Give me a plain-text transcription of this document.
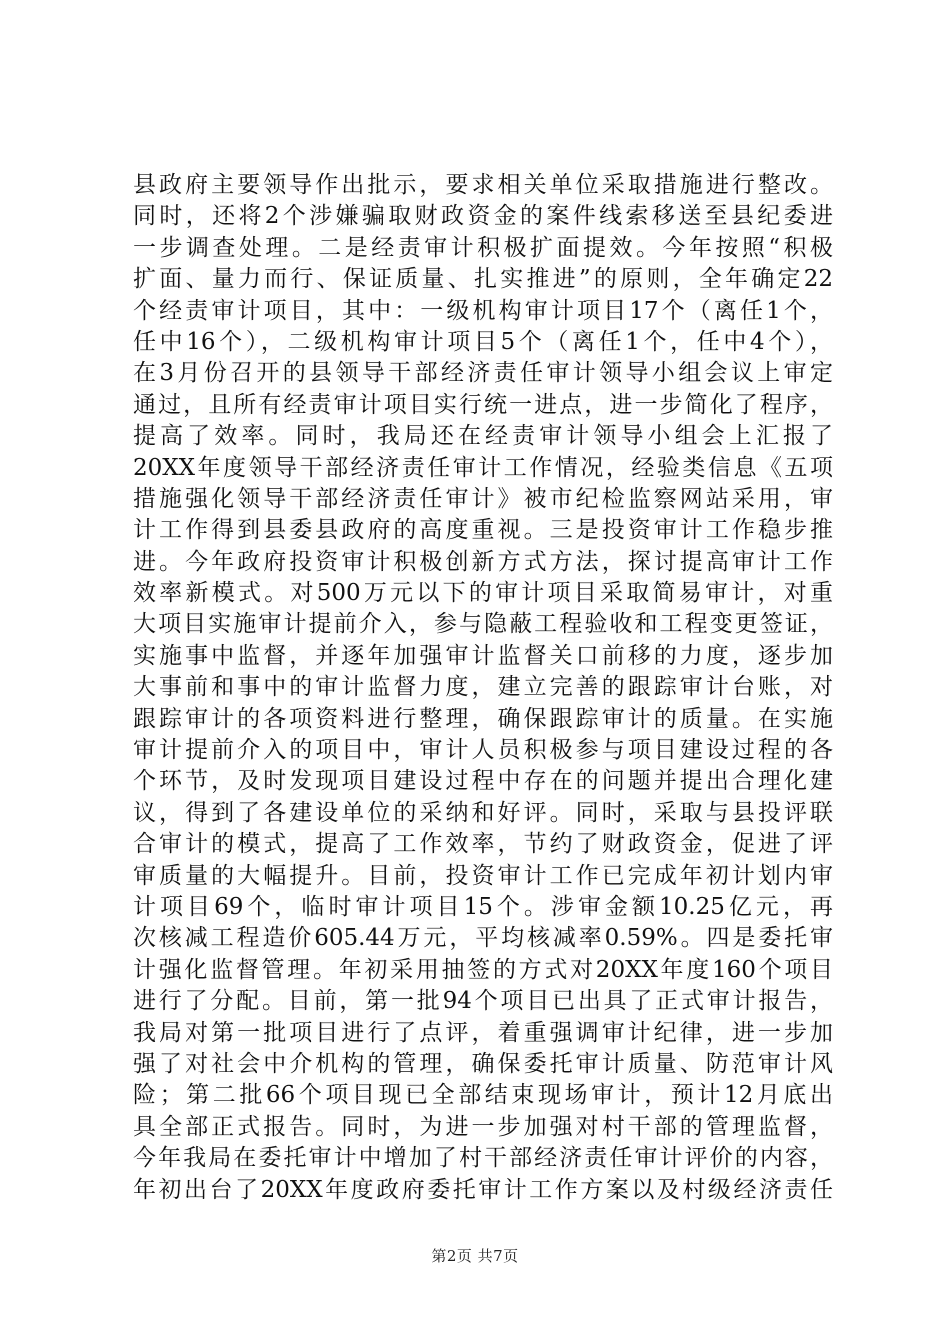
县政府主要领导作出批示，要求相关单位采取措施进行整改。
同时，还将2个涉嫌骗取财政资金的案件线索移送至县纪委进
一步调查处理。二是经责审计积极扩面提效。今年按照“积极
扩面、量力而行、保证质量、扎实推进”的原则，全年确定22
个经责审计项目，其中：一级机构审计项目17个（离任1个，
任中16个），二级机构审计项目5个（离任1个，任中4个），
在3月份召开的县领导干部经济责任审计领导小组会议上审定
通过，且所有经责审计项目实行统一进点，进一步简化了程序，
提高了效率。同时，我局还在经责审计领导小组会上汇报了
20XX年度领导干部经济责任审计工作情况，经验类信息《五项
措施强化领导干部经济责任审计》被市纪检监察网站采用，审
计工作得到县委县政府的高度重视。三是投资审计工作稳步推
进。今年政府投资审计积极创新方式方法，探讨提高审计工作
效率新模式。对500万元以下的审计项目采取简易审计，对重
大项目实施审计提前介入，参与隐蔽工程验收和工程变更签证，
实施事中监督，并逐年加强审计监督关口前移的力度，逐步加
大事前和事中的审计监督力度，建立完善的跟踪审计台账，对
跟踪审计的各项资料进行整理，确保跟踪审计的质量。在实施
审计提前介入的项目中，审计人员积极参与项目建设过程的各
个环节，及时发现项目建设过程中存在的问题并提出合理化建
议，得到了各建设单位的采纳和好评。同时，采取与县投评联
合审计的模式，提高了工作效率，节约了财政资金，促进了评
审质量的大幅提升。目前，投资审计工作已完成年初计划内审
计项目69个，临时审计项目15个。涉审金额10.25亿元，再
次核减工程造价605.44万元，平均核减率0.59%。四是委托审
计强化监督管理。年初采用抽签的方式对20XX年度160个项目
进行了分配。目前，第一批94个项目已出具了正式审计报告，
我局对第一批项目进行了点评，着重强调审计纪律，进一步加
强了对社会中介机构的管理，确保委托审计质量、防范审计风
险；第二批66个项目现已全部结束现场审计，预计12月底出
具全部正式报告。同时，为进一步加强对村干部的管理监督，
今年我局在委托审计中增加了村干部经济责任审计评价的内容，
年初出台了20XX年度政府委托审计工作方案以及村级经济责任
第2页 共7页
